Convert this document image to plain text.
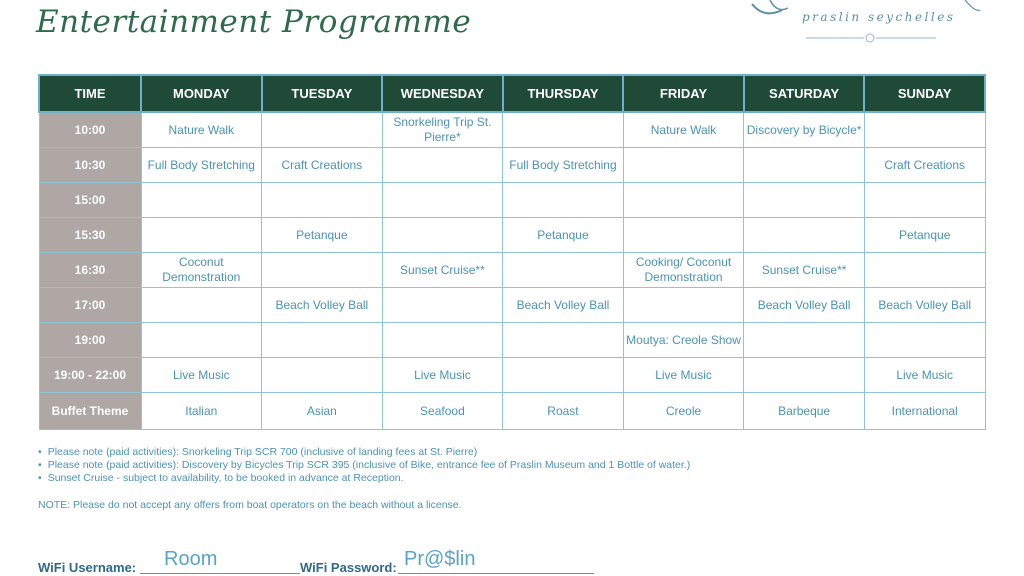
Entertainment Programme	praslin seychelles
TIME	MONDAY	TUESDAY	WEDNESDAY	THURSDAY	FRIDAY	SATURDAY	SUNDAY
10:00	Nature Walk		Snorkeling Trip St. Pierre*		Nature Walk	Discovery by Bicycle*	
10:30	Full Body Stretching	Craft Creations		Full Body Stretching			Craft Creations
15:00							
15:30		Petanque		Petanque			Petanque
16:30	Coconut Demonstration		Sunset Cruise**		Cooking/ Coconut Demonstration	Sunset Cruise**	
17:00		Beach Volley Ball		Beach Volley Ball		Beach Volley Ball	Beach Volley Ball
19:00					Moutya: Creole Show		
19:00 - 22:00	Live Music		Live Music		Live Music		Live Music
Buffet Theme	Italian	Asian	Seafood	Roast	Creole	Barbeque	International
• Please note (paid activities): Snorkeling Trip SCR 700 (inclusive of landing fees at St. Pierre)
• Please note (paid activities): Discovery by Bicycles Trip SCR 395 (inclusive of Bike, entrance fee of Praslin Museum and 1 Bottle of water.)
• Sunset Cruise - subject to availability, to be booked in advance at Reception.
NOTE: Please do not accept any offers from boat operators on the beach without a license.
WiFi Username:	Room	WiFi Password: Pr@$lin
